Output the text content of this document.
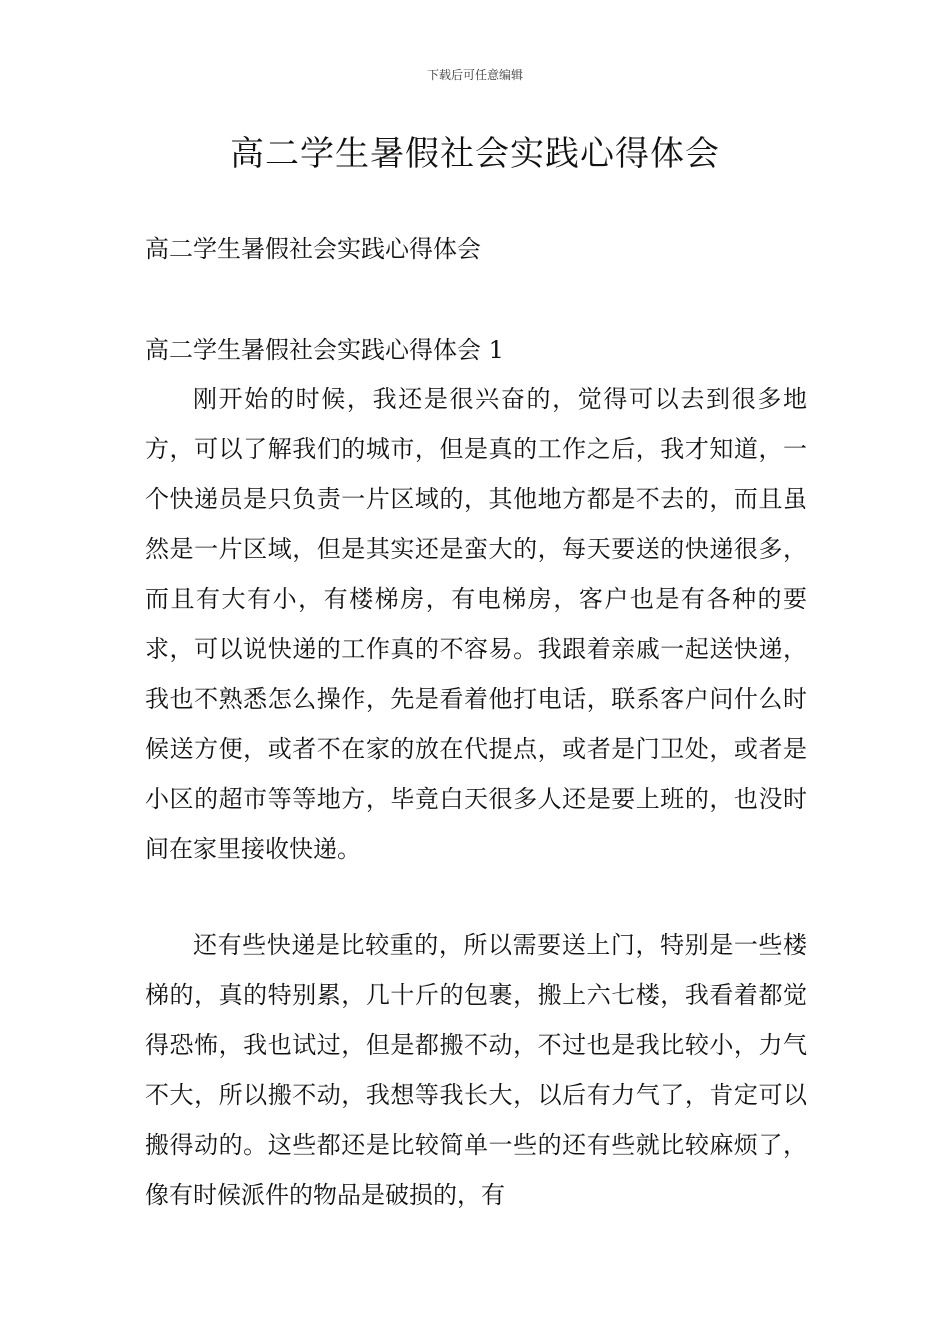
下载后可任意编辑
高二学生暑假社会实践心得体会

高二学生暑假社会实践心得体会

高二学生暑假社会实践心得体会 1

刚开始的时候，我还是很兴奋的，觉得可以去到很多地方，可以了解我们的城市，但是真的工作之后，我才知道，一个快递员是只负责一片区域的，其他地方都是不去的，而且虽然是一片区域，但是其实还是蛮大的，每天要送的快递很多，而且有大有小，有楼梯房，有电梯房，客户也是有各种的要求，可以说快递的工作真的不容易。我跟着亲戚一起送快递，我也不熟悉怎么操作，先是看着他打电话，联系客户问什么时候送方便，或者不在家的放在代提点，或者是门卫处，或者是小区的超市等等地方，毕竟白天很多人还是要上班的，也没时间在家里接收快递。

还有些快递是比较重的，所以需要送上门，特别是一些楼梯的，真的特别累，几十斤的包裹，搬上六七楼，我看着都觉得恐怖，我也试过，但是都搬不动，不过也是我比较小，力气不大，所以搬不动，我想等我长大，以后有力气了，肯定可以搬得动的。这些都还是比较简单一些的还有些就比较麻烦了，像有时候派件的物品是破损的，有
